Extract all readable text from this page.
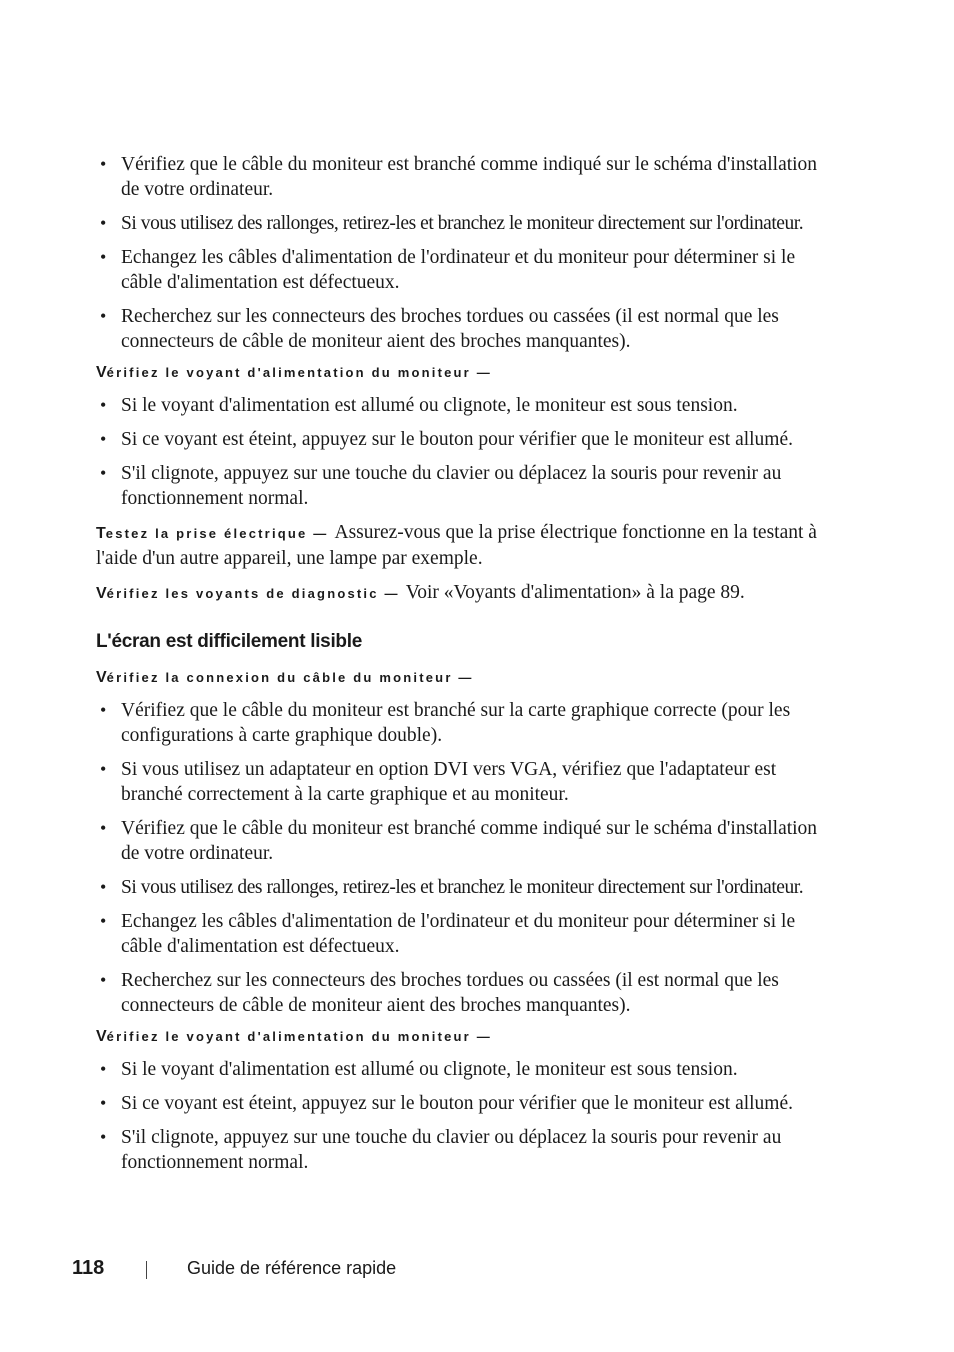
• Vérifiez que le câble du moniteur est branché comme indiqué sur le schéma d'installation de votre ordinateur.
• Si vous utilisez des rallonges, retirez-les et branchez le moniteur directement sur l'ordinateur.
• Echangez les câbles d'alimentation de l'ordinateur et du moniteur pour déterminer si le câble d'alimentation est défectueux.
• Recherchez sur les connecteurs des broches tordues ou cassées (il est normal que les connecteurs de câble de moniteur aient des broches manquantes).
Vérifiez le voyant d'alimentation du moniteur —
• Si le voyant d'alimentation est allumé ou clignote, le moniteur est sous tension.
• Si ce voyant est éteint, appuyez sur le bouton pour vérifier que le moniteur est allumé.
• S'il clignote, appuyez sur une touche du clavier ou déplacez la souris pour revenir au fonctionnement normal.

Testez la prise électrique — Assurez-vous que la prise électrique fonctionne en la testant à l'aide d'un autre appareil, une lampe par exemple.

Vérifiez les voyants de diagnostic — Voir «Voyants d'alimentation» à la page 89.

L'écran est difficilement lisible
Vérifiez la connexion du câble du moniteur —
• Vérifiez que le câble du moniteur est branché sur la carte graphique correcte (pour les configurations à carte graphique double).
• Si vous utilisez un adaptateur en option DVI vers VGA, vérifiez que l'adaptateur est branché correctement à la carte graphique et au moniteur.
• Vérifiez que le câble du moniteur est branché comme indiqué sur le schéma d'installation de votre ordinateur.
• Si vous utilisez des rallonges, retirez-les et branchez le moniteur directement sur l'ordinateur.
• Echangez les câbles d'alimentation de l'ordinateur et du moniteur pour déterminer si le câble d'alimentation est défectueux.
• Recherchez sur les connecteurs des broches tordues ou cassées (il est normal que les connecteurs de câble de moniteur aient des broches manquantes).
Vérifiez le voyant d'alimentation du moniteur —
• Si le voyant d'alimentation est allumé ou clignote, le moniteur est sous tension.
• Si ce voyant est éteint, appuyez sur le bouton pour vérifier que le moniteur est allumé.
• S'il clignote, appuyez sur une touche du clavier ou déplacez la souris pour revenir au fonctionnement normal.
118	Guide de référence rapide
